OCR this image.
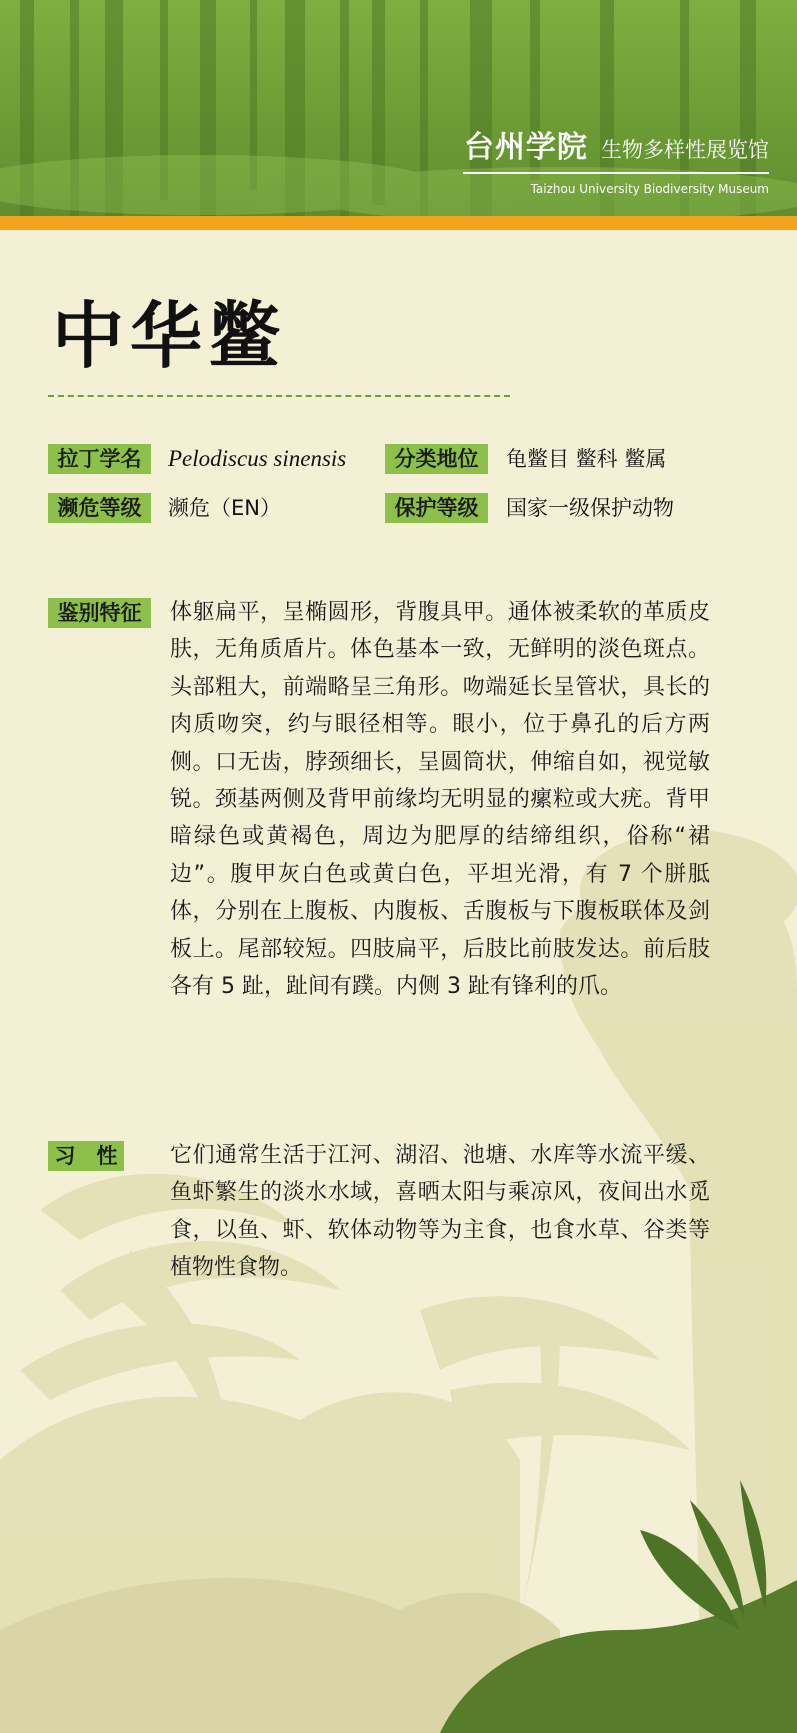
台州学院 生物多样性展览馆
Taizhou University Biodiversity Museum
中华鳖
拉丁学名	Pelodiscus sinensis	分类地位	龟鳖目 鳖科 鳖属
濒危等级	濒危（EN）	保护等级	国家一级保护动物
鉴别特征	体躯扁平，呈椭圆形，背腹具甲。通体被柔软的革质皮肤，无角质盾片。体色基本一致，无鲜明的淡色斑点。头部粗大，前端略呈三角形。吻端延长呈管状，具长的肉质吻突，约与眼径相等。眼小，位于鼻孔的后方两侧。口无齿，脖颈细长，呈圆筒状，伸缩自如，视觉敏锐。颈基两侧及背甲前缘均无明显的瘰粒或大疣。背甲暗绿色或黄褐色，周边为肥厚的结缔组织，俗称“裙边”。腹甲灰白色或黄白色，平坦光滑，有 7 个胼胝体，分别在上腹板、内腹板、舌腹板与下腹板联体及剑板上。尾部较短。四肢扁平，后肢比前肢发达。前后肢各有 5 趾，趾间有蹼。内侧 3 趾有锋利的爪。

习　性 它们通常生活于江河、湖沼、池塘、水库等水流平缓、鱼虾繁生的淡水水域，喜晒太阳与乘凉风，夜间出水觅食，以鱼、虾、软体动物等为主食，也食水草、谷类等植物性食物。
